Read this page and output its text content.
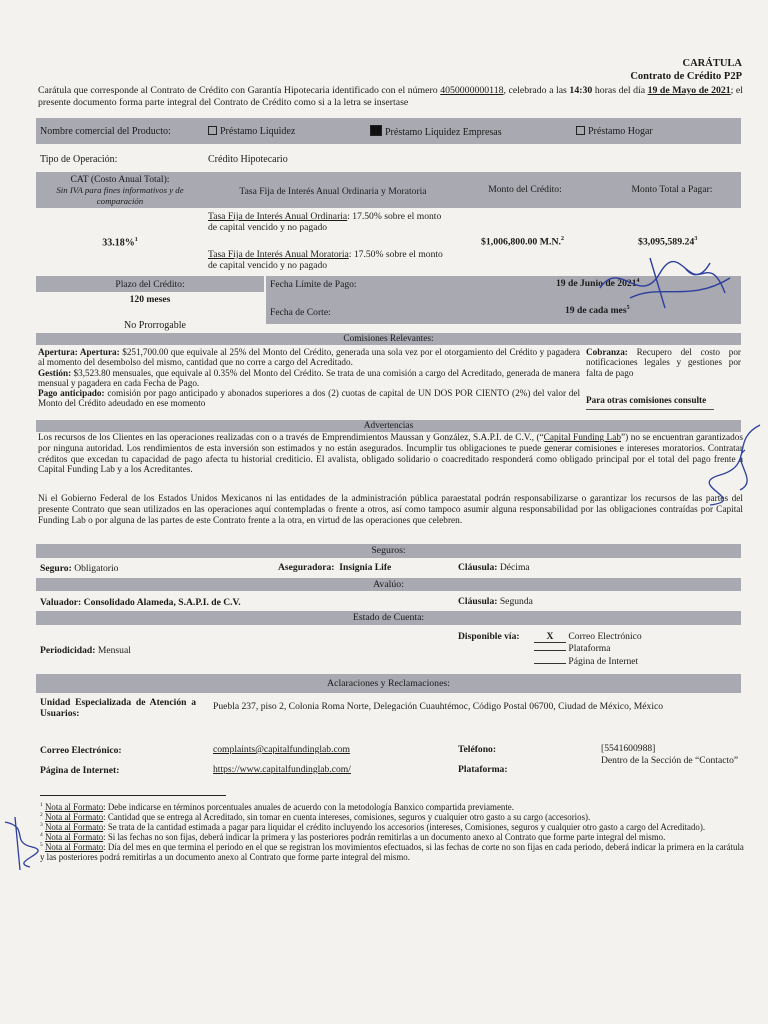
CARÁTULA
Contrato de Crédito P2P
Carátula que corresponde al Contrato de Crédito con Garantía Hipotecaria identificado con el número 4050000000118, celebrado a las 14:30 horas del día 19 de Mayo de 2021; el presente documento forma parte integral del Contrato de Crédito como si a la letra se insertase
Nombre comercial del Producto:	Préstamo Liquidez	Préstamo Liquidez Empresas	Préstamo Hogar
Tipo de Operación:	Crédito Hipotecario
CAT (Costo Anual Total):
Sin IVA para fines informativos y de comparación
Tasa Fija de Interés Anual Ordinaria y Moratoria	Monto del Crédito:	Monto Total a Pagar:
33.18%$^1$
Tasa Fija de Interés Anual Ordinaria: 17.50% sobre el monto de capital vencido y no pagado
Tasa Fija de Interés Anual Moratoria: 17.50% sobre el monto de capital vencido y no pagado
$1,006,800.00 M.N.$^2$	$3,095,589.24$^3$
Plazo del Crédito:
120 meses
No Prorrogable
Fecha Límite de Pago:	19 de Junio de 2021$^4$
Fecha de Corte:	19 de cada mes$^5$
Comisiones Relevantes:
Apertura: Apertura: $251,700.00 que equivale al 25% del Monto del Crédito, generada una sola vez por el otorgamiento del Crédito y pagadera al momento del desembolso del mismo, cantidad que no corre a cargo del Acreditado.
Gestión: $3,523.80 mensuales, que equivale al 0.35% del Monto del Crédito. Se trata de una comisión a cargo del Acreditado, generada de manera mensual y pagadera en cada Fecha de Pago.
Pago anticipado: comisión por pago anticipado y abonados superiores a dos (2) cuotas de capital de UN DOS POR CIENTO (2%) del valor del Monto del Crédito adeudado en ese momento
Cobranza: Recupero del costo por notificaciones legales y gestiones por falta de pago
Para otras comisiones consulte
Advertencias
Los recursos de los Clientes en las operaciones realizadas con o a través de Emprendimientos Maussan y González, S.A.P.I. de C.V., (“Capital Funding Lab”) no se encuentran garantizados por ninguna autoridad. Los rendimientos de esta inversión son estimados y no están asegurados. Incumplir tus obligaciones te puede generar comisiones e intereses moratorios. Contratar créditos que excedan tu capacidad de pago afecta tu historial crediticio. El avalista, obligado solidario o coacreditado responderá como obligado principal por el total del pago frente a Capital Funding Lab y a los Acreditantes.
Ni el Gobierno Federal de los Estados Unidos Mexicanos ni las entidades de la administración pública paraestatal podrán responsabilizarse o garantizar los recursos de las partes del presente Contrato que sean utilizados en las operaciones aquí contempladas o frente a otros, así como tampoco asumir alguna responsabilidad por las obligaciones contraídas por Capital Funding Lab o por alguna de las partes de este Contrato frente a la otra, en virtud de las operaciones que celebren.
Seguros:
Seguro: Obligatorio	Aseguradora: Insignia Life	Cláusula: Décima
Avalúo:
Valuador: Consolidado Alameda, S.A.P.I. de C.V.	Cláusula: Segunda
Estado de Cuenta:
Periodicidad: Mensual
Disponible vía:	X Correo Electrónico
Plataforma
Página de Internet
Aclaraciones y Reclamaciones:
Unidad Especializada de Atención a Usuarios:
Puebla 237, piso 2, Colonia Roma Norte, Delegación Cuauhtémoc, Código Postal 06700, Ciudad de México, México
Correo Electrónico:	complaints@capitalfundinglab.com	Teléfono:	[5541600988]
Página de Internet:	https://www.capitalfundinglab.com/	Plataforma:
Dentro de la Sección de “Contacto”
$^1$ Nota al Formato: Debe indicarse en términos porcentuales anuales de acuerdo con la metodología Banxico compartida previamente.
$^2$ Nota al Formato: Cantidad que se entrega al Acreditado, sin tomar en cuenta intereses, comisiones, seguros y cualquier otro gasto a su cargo (accesorios).
$^3$ Nota al Formato: Se trata de la cantidad estimada a pagar para liquidar el crédito incluyendo los accesorios (intereses, Comisiones, seguros y cualquier otro gasto a cargo del Acreditado).
$^4$ Nota al Formato: Si las fechas no son fijas, deberá indicar la primera y las posteriores podrán remitirlas a un documento anexo al Contrato que forme parte integral del mismo.
$^5$ Nota al Formato: Día del mes en que termina el periodo en el que se registran los movimientos efectuados, si las fechas de corte no son fijas en cada periodo, deberá indicar la primera en la carátula y las posteriores podrá remitirlas a un documento anexo al Contrato que forme parte integral del mismo.
